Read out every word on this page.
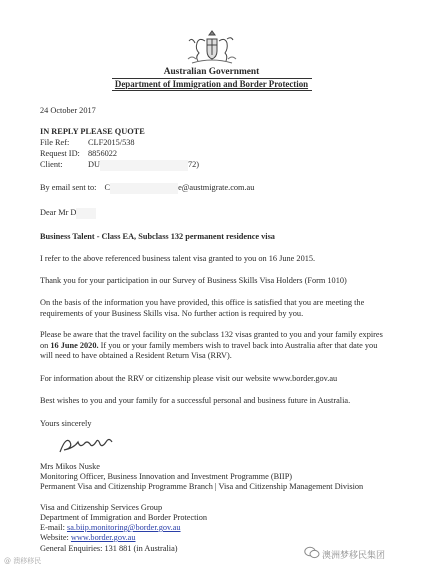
Australian Government
Department of Immigration and Border Protection
24 October 2017
IN REPLY PLEASE QUOTE
File Ref: CLF2015/538
Request ID: 8856022
Client:	DU	72)
By email sent to: C	e@austmigrate.com.au
Dear Mr D
Business Talent - Class EA, Subclass 132 permanent residence visa
I refer to the above referenced business talent visa granted to you on 16 June 2015.
Thank you for your participation in our Survey of Business Skills Visa Holders (Form 1010)
On the basis of the information you have provided, this office is satisfied that you are meeting the requirements of your Business Skills visa. No further action is required by you.
Please be aware that the travel facility on the subclass 132 visas granted to you and your family expires on 16 June 2020. If you or your family members wish to travel back into Australia after that date you will need to have obtained a Resident Return Visa (RRV).
For information about the RRV or citizenship please visit our website www.border.gov.au
Best wishes to you and your family for a successful personal and business future in Australia.
Yours sincerely
Mrs Mikos Nuske
Monitoring Officer, Business Innovation and Investment Programme (BIIP)
Permanent Visa and Citizenship Programme Branch | Visa and Citizenship Management Division
Visa and Citizenship Services Group
Department of Immigration and Border Protection
E-mail: sa.biip.monitoring@border.gov.au
Website: www.border.gov.au
General Enquiries: 131 881 (in Australia)
@ 澳移移民	澳洲梦移民集团
